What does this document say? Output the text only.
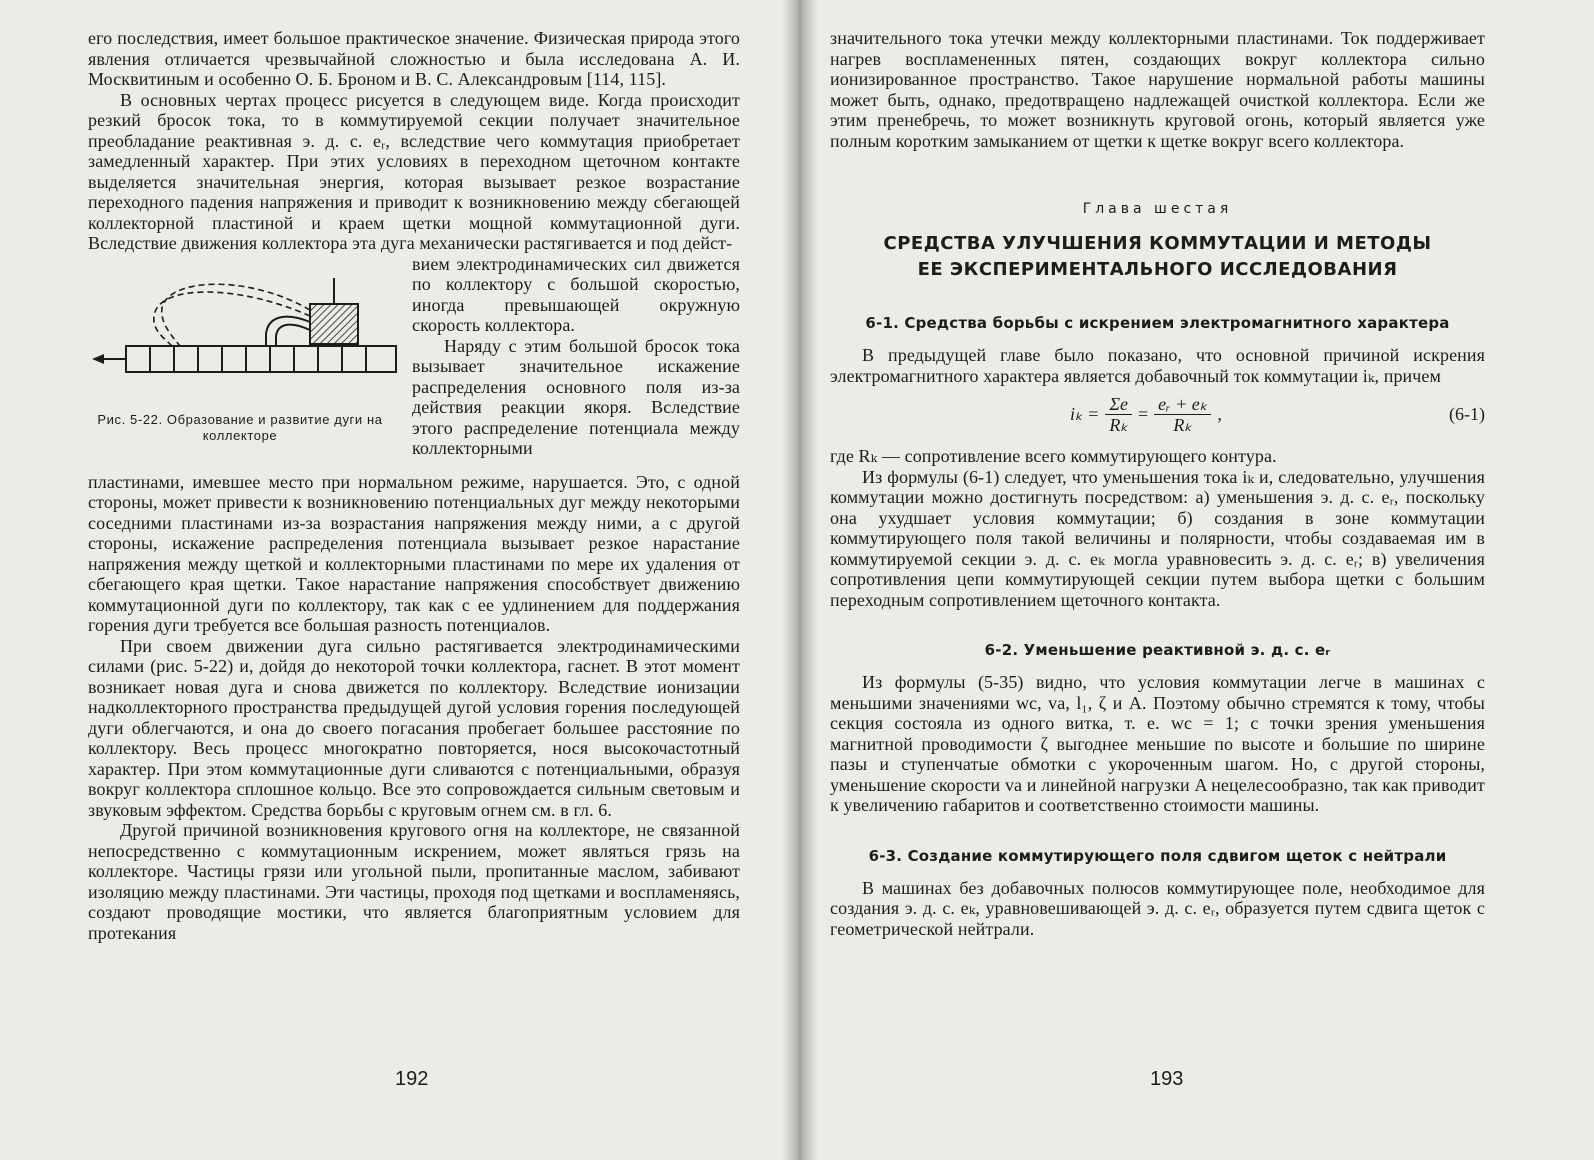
его последствия, имеет большое практическое значение. Физическая природа этого явления отличается чрезвычайной сложностью и была исследована А. И. Москвитиным и особенно О. Б. Броном и В. С. Александровым [114, 115].

В основных чертах процесс рисуется в следующем виде. Когда происходит резкий бросок тока, то в коммутируемой секции получает значительное преобладание реактивная э. д. с. eᵣ, вследствие чего коммутация приобретает замедленный характер. При этих условиях в переходном щеточном контакте выделяется значительная энергия, которая вызывает резкое возрастание переходного падения напряжения и приводит к возникновению между сбегающей коллекторной пластиной и краем щетки мощной коммутационной дуги. Вследствие движения коллектора эта дуга механически растягивается и под дейст-

Рис. 5-22. Образование и развитие дуги на коллекторе

вием электродинамических сил движется по коллектору с большой скоростью, иногда превышающей окружную скорость коллектора.

Наряду с этим большой бросок тока вызывает значительное искажение распределения основного поля из-за действия реакции якоря. Вследствие этого распределение потенциала между коллекторными

пластинами, имевшее место при нормальном режиме, нарушается. Это, с одной стороны, может привести к возникновению потенциальных дуг между некоторыми соседними пластинами из-за возрастания напряжения между ними, а с другой стороны, искажение распределения потенциала вызывает резкое нарастание напряжения между щеткой и коллекторными пластинами по мере их удаления от сбегающего края щетки. Такое нарастание напряжения способствует движению коммутационной дуги по коллектору, так как с ее удлинением для поддержания горения дуги требуется все большая разность потенциалов.

При своем движении дуга сильно растягивается электродинамическими силами (рис. 5-22) и, дойдя до некоторой точки коллектора, гаснет. В этот момент возникает новая дуга и снова движется по коллектору. Вследствие ионизации надколлекторного пространства предыдущей дугой условия горения последующей дуги облегчаются, и она до своего погасания пробегает большее расстояние по коллектору. Весь процесс многократно повторяется, нося высокочастотный характер. При этом коммутационные дуги сливаются с потенциальными, образуя вокруг коллектора сплошное кольцо. Все это сопровождается сильным световым и звуковым эффектом. Средства борьбы с круговым огнем см. в гл. 6.

Другой причиной возникновения кругового огня на коллекторе, не связанной непосредственно с коммутационным искрением, может являться грязь на коллекторе. Частицы грязи или угольной пыли, пропитанные маслом, забивают изоляцию между пластинами. Эти частицы, проходя под щетками и воспламеняясь, создают проводящие мостики, что является благоприятным условием для протекания

192

значительного тока утечки между коллекторными пластинами. Ток поддерживает нагрев воспламененных пятен, создающих вокруг коллектора сильно ионизированное пространство. Такое нарушение нормальной работы машины может быть, однако, предотвращено надлежащей очисткой коллектора. Если же этим пренебречь, то может возникнуть круговой огонь, который является уже полным коротким замыканием от щетки к щетке вокруг всего коллектора.

Глава шестая
СРЕДСТВА УЛУЧШЕНИЯ КОММУТАЦИИ И МЕТОДЫ
ЕЕ ЭКСПЕРИМЕНТАЛЬНОГО ИССЛЕДОВАНИЯ
6-1. Средства борьбы с искрением электромагнитного характера

В предыдущей главе было показано, что основной причиной искрения электромагнитного характера является добавочный ток коммутации iₖ, причем

$i_k = \frac{\Sigma e}{\text{Rₖ}} = \frac{\text{eᵣ + eₖ}}{\text{Rₖ}}$ ,	(6-1)

где Rₖ — сопротивление всего коммутирующего контура.

Из формулы (6-1) следует, что уменьшения тока iₖ и, следовательно, улучшения коммутации можно достигнуть посредством: а) уменьшения э. д. с. eᵣ, поскольку она ухудшает условия коммутации; б) создания в зоне коммутации коммутирующего поля такой величины и полярности, чтобы создаваемая им в коммутируемой секции э. д. с. eₖ могла уравновесить э. д. с. eᵣ; в) увеличения сопротивления цепи коммутирующей секции путем выбора щетки с большим переходным сопротивлением щеточного контакта.

6-2. Уменьшение реактивной э. д. с. eᵣ

Из формулы (5-35) видно, что условия коммутации легче в машинах с меньшими значениями wc, va, l₁, ζ и A. Поэтому обычно стремятся к тому, чтобы секция состояла из одного витка, т. е. wc = 1; с точки зрения уменьшения магнитной проводимости ζ выгоднее меньшие по высоте и большие по ширине пазы и ступенчатые обмотки с укороченным шагом. Но, с другой стороны, уменьшение скорости va и линейной нагрузки A нецелесообразно, так как приводит к увеличению габаритов и соответственно стоимости машины.

6-3. Создание коммутирующего поля сдвигом щеток с нейтрали

В машинах без добавочных полюсов коммутирующее поле, необходимое для создания э. д. с. eₖ, уравновешивающей э. д. с. eᵣ, образуется путем сдвига щеток с геометрической нейтрали.

193
